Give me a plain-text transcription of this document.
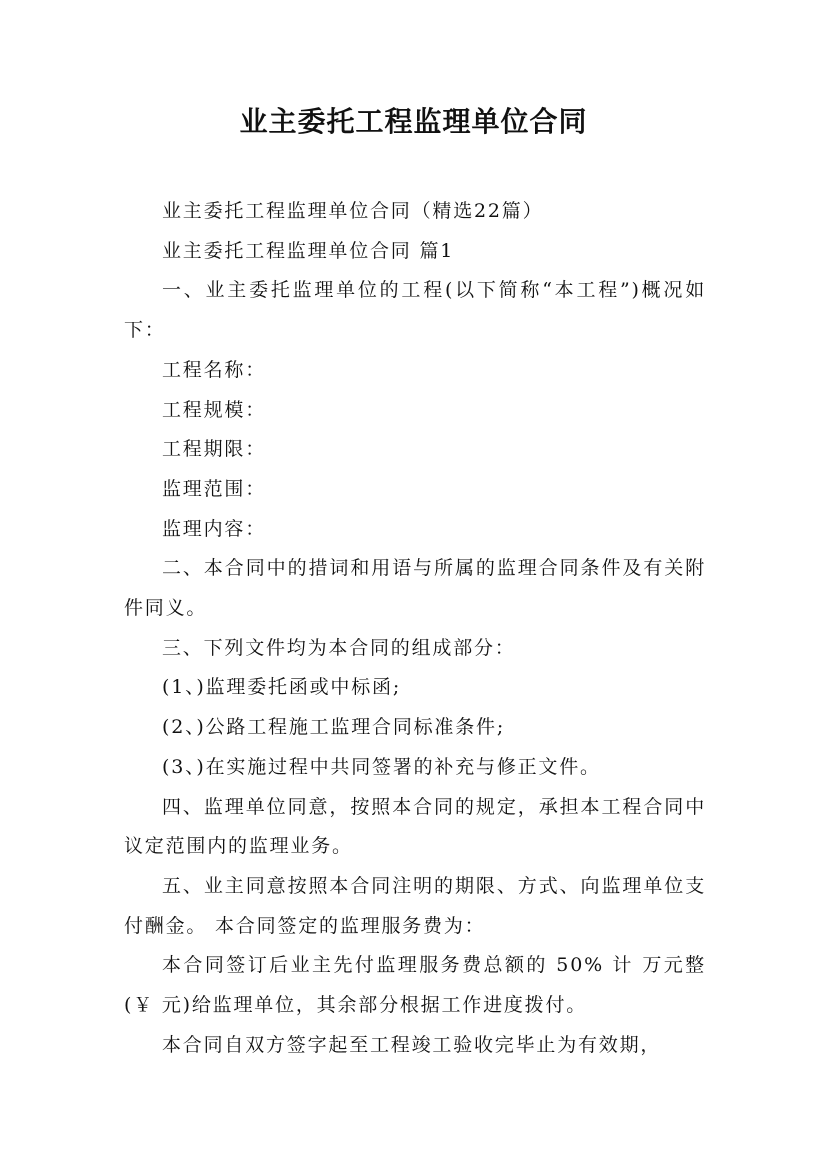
业主委托工程监理单位合同

业主委托工程监理单位合同（精选22篇）

业主委托工程监理单位合同 篇1

一、业主委托监理单位的工程(以下简称“本工程”)概况如下：

工程名称：

工程规模：

工程期限：

监理范围：

监理内容：

二、本合同中的措词和用语与所属的监理合同条件及有关附件同义。

三、下列文件均为本合同的组成部分：

(1、)监理委托函或中标函;

(2、)公路工程施工监理合同标准条件;

(3、)在实施过程中共同签署的补充与修正文件。

四、监理单位同意，按照本合同的规定，承担本工程合同中议定范围内的监理业务。

五、业主同意按照本合同注明的期限、方式、向监理单位支付酬金。 本合同签定的监理服务费为：

本合同签订后业主先付监理服务费总额的 50% 计 万元整(￥ 元)给监理单位，其余部分根据工作进度拨付。

本合同自双方签字起至工程竣工验收完毕止为有效期，
